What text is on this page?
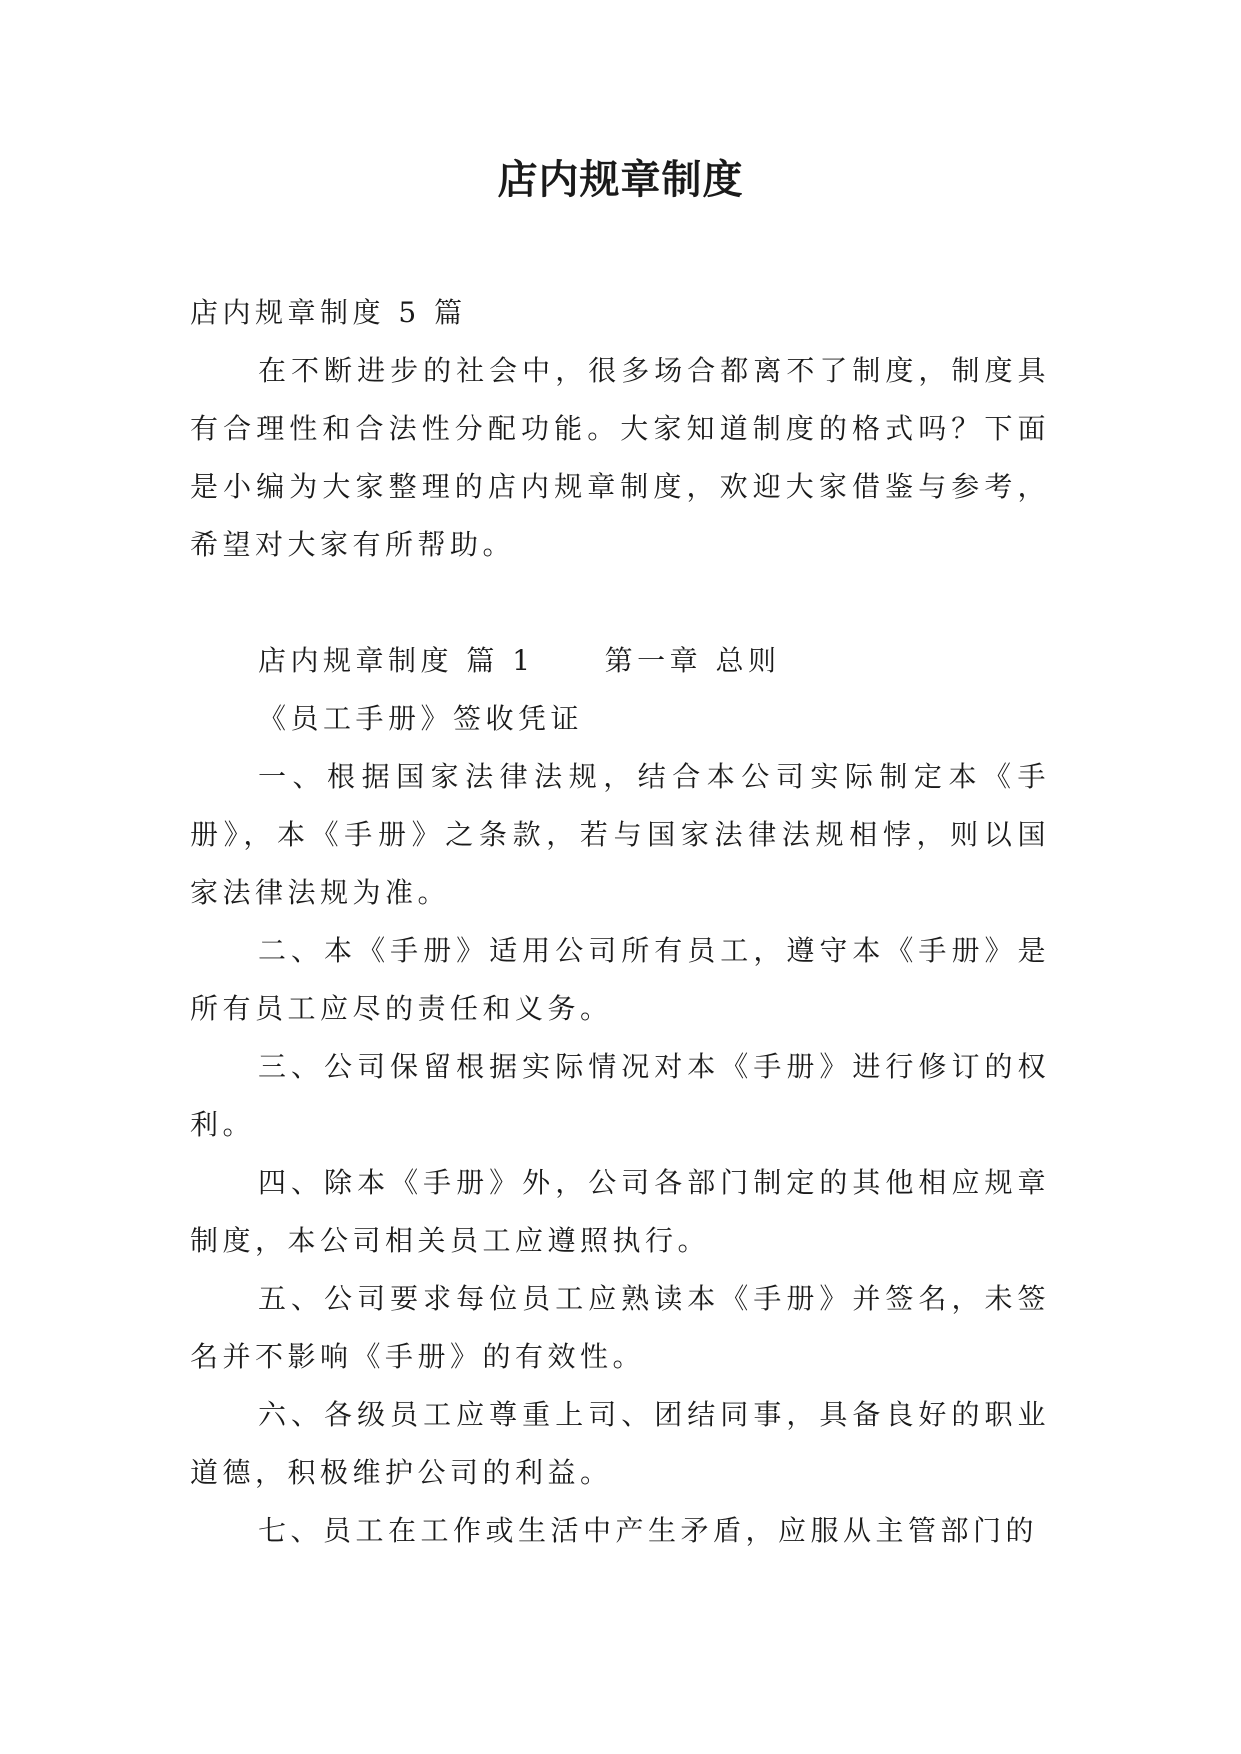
店内规章制度

店内规章制度 5 篇

在不断进步的社会中，很多场合都离不了制度，制度具有合理性和合法性分配功能。大家知道制度的格式吗？下面是小编为大家整理的店内规章制度，欢迎大家借鉴与参考，希望对大家有所帮助。

店内规章制度 篇 1	第一章 总则

《员工手册》签收凭证

一、根据国家法律法规，结合本公司实际制定本《手册》，本《手册》之条款，若与国家法律法规相悖，则以国家法律法规为准。

二、本《手册》适用公司所有员工，遵守本《手册》是所有员工应尽的责任和义务。

三、公司保留根据实际情况对本《手册》进行修订的权利。

四、除本《手册》外，公司各部门制定的其他相应规章制度，本公司相关员工应遵照执行。

五、公司要求每位员工应熟读本《手册》并签名，未签名并不影响《手册》的有效性。

六、各级员工应尊重上司、团结同事，具备良好的职业道德，积极维护公司的利益。

七、员工在工作或生活中产生矛盾，应服从主管部门的
